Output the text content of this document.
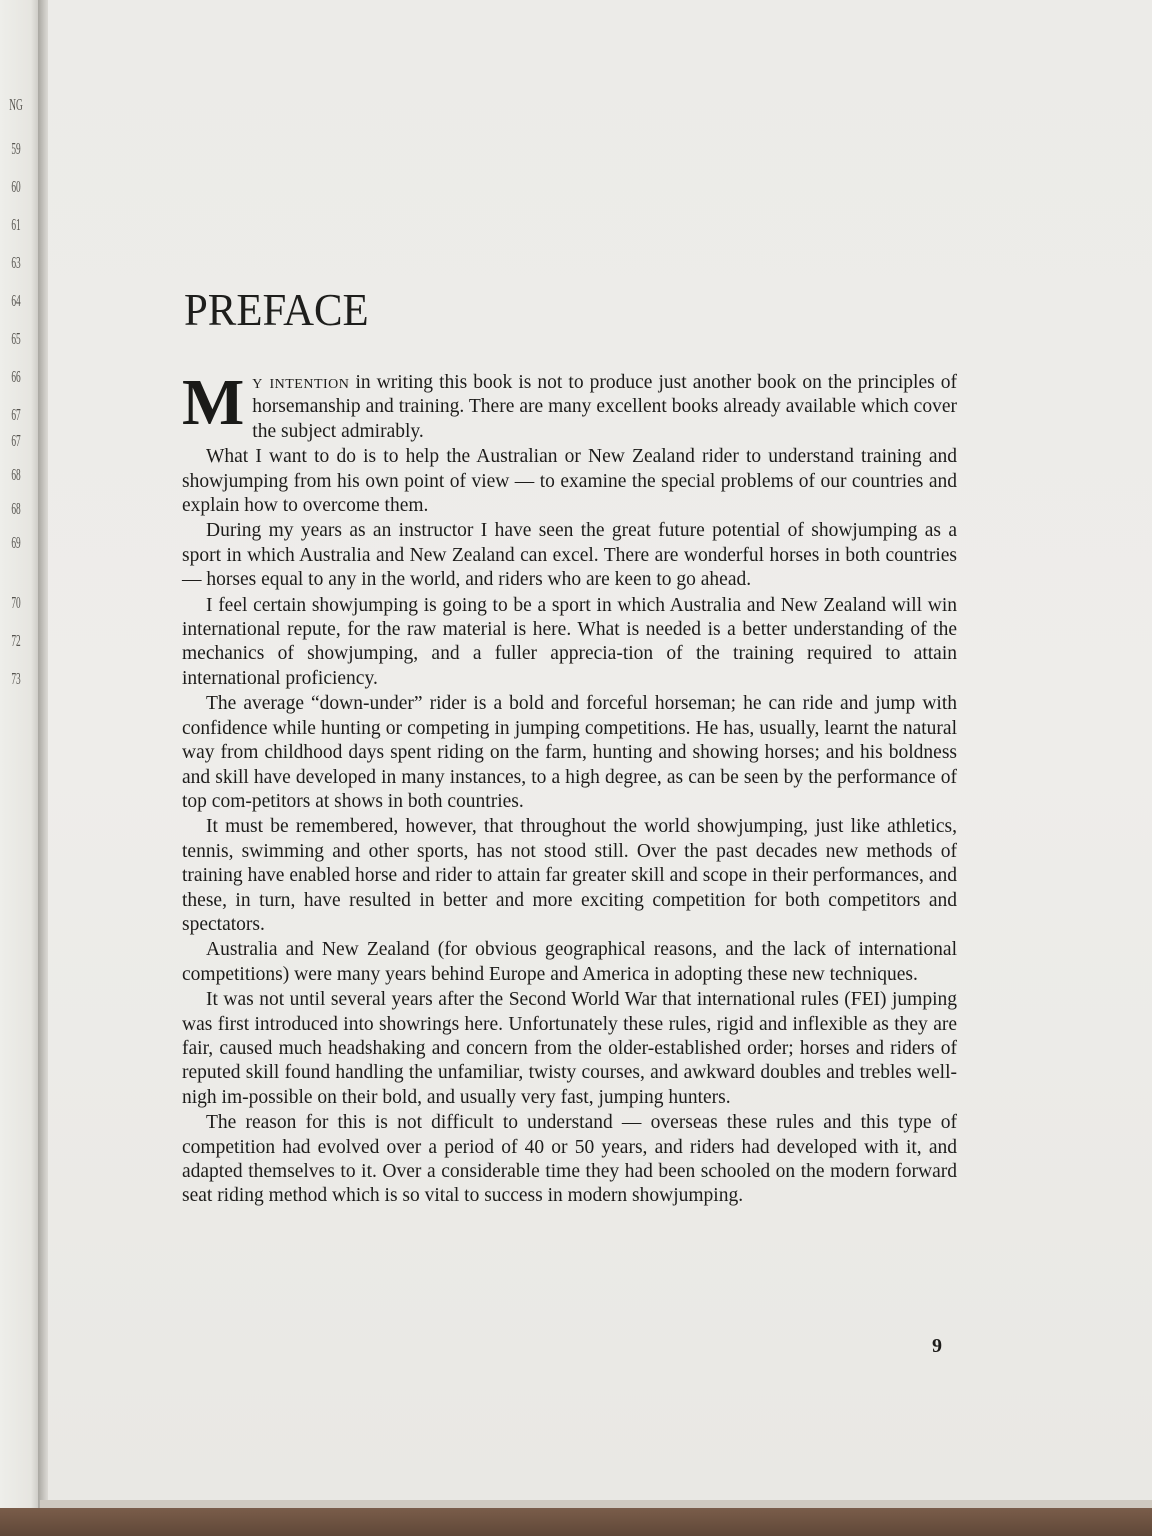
NG
59
60
61
63
64
65
66
67
67
68
68
69
70
72
73
PREFACE

My intention in writing this book is not to produce just another book on the principles of horsemanship and training. There are many excellent books already available which cover the subject admirably.

What I want to do is to help the Australian or New Zealand rider to understand training and showjumping from his own point of view — to examine the special problems of our countries and explain how to overcome them.

During my years as an instructor I have seen the great future potential of showjumping as a sport in which Australia and New Zealand can excel. There are wonderful horses in both countries — horses equal to any in the world, and riders who are keen to go ahead.

I feel certain showjumping is going to be a sport in which Australia and New Zealand will win international repute, for the raw material is here. What is needed is a better understanding of the mechanics of showjumping, and a fuller apprecia-tion of the training required to attain international proficiency.

The average “down-under” rider is a bold and forceful horseman; he can ride and jump with confidence while hunting or competing in jumping competitions. He has, usually, learnt the natural way from childhood days spent riding on the farm, hunting and showing horses; and his boldness and skill have developed in many instances, to a high degree, as can be seen by the performance of top com-petitors at shows in both countries.

It must be remembered, however, that throughout the world showjumping, just like athletics, tennis, swimming and other sports, has not stood still. Over the past decades new methods of training have enabled horse and rider to attain far greater skill and scope in their performances, and these, in turn, have resulted in better and more exciting competition for both competitors and spectators.

Australia and New Zealand (for obvious geographical reasons, and the lack of international competitions) were many years behind Europe and America in adopting these new techniques.

It was not until several years after the Second World War that international rules (FEI) jumping was first introduced into showrings here. Unfortunately these rules, rigid and inflexible as they are fair, caused much headshaking and concern from the older-established order; horses and riders of reputed skill found handling the unfamiliar, twisty courses, and awkward doubles and trebles well-nigh im-possible on their bold, and usually very fast, jumping hunters.

The reason for this is not difficult to understand — overseas these rules and this type of competition had evolved over a period of 40 or 50 years, and riders had developed with it, and adapted themselves to it. Over a considerable time they had been schooled on the modern forward seat riding method which is so vital to success in modern showjumping.

9
